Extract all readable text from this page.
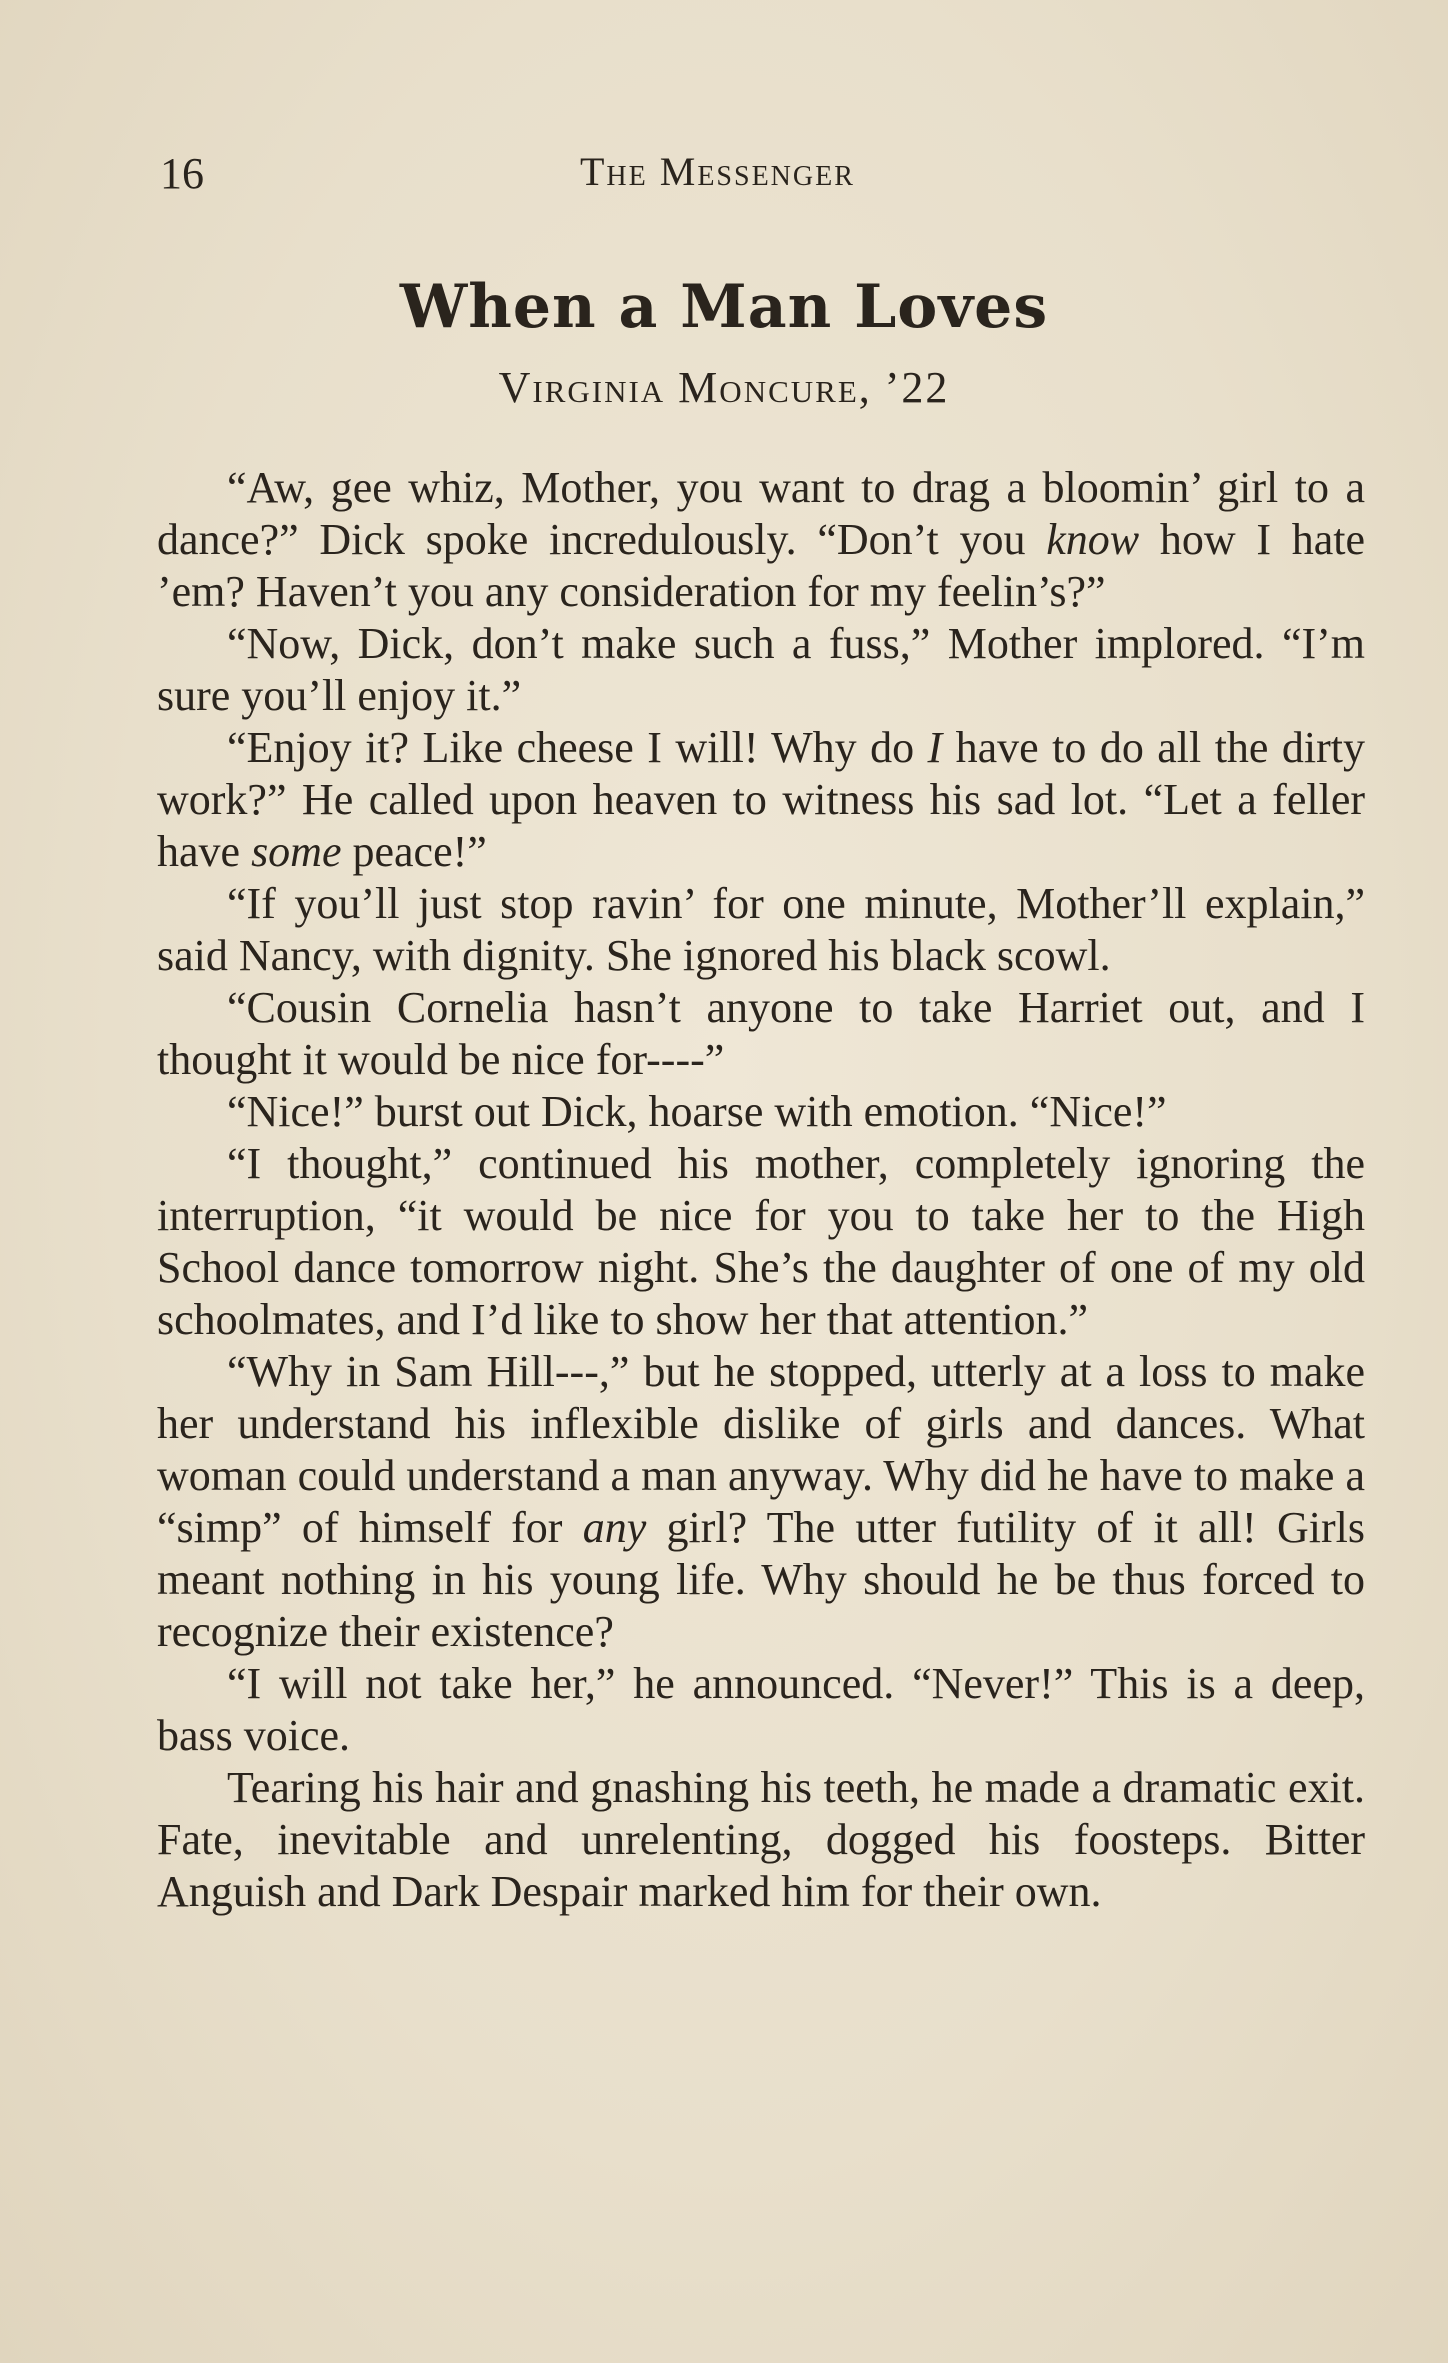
16	The Messenger
When a Man Loves
Virginia Moncure, ’22

“Aw, gee whiz, Mother, you want to drag a bloomin’ girl to a dance?” Dick spoke incredulously. “Don’t you know how I hate ’em? Haven’t you any consideration for my feelin’s?”

“Now, Dick, don’t make such a fuss,” Mother implored. “I’m sure you’ll enjoy it.”

“Enjoy it? Like cheese I will! Why do I have to do all the dirty work?” He called upon heaven to witness his sad lot. “Let a feller have some peace!”

“If you’ll just stop ravin’ for one minute, Mother’ll explain,” said Nancy, with dignity. She ignored his black scowl.

“Cousin Cornelia hasn’t anyone to take Harriet out, and I thought it would be nice for----”

“Nice!” burst out Dick, hoarse with emotion. “Nice!”

“I thought,” continued his mother, completely ignoring the interruption, “it would be nice for you to take her to the High School dance tomorrow night. She’s the daughter of one of my old schoolmates, and I’d like to show her that attention.”

“Why in Sam Hill---,” but he stopped, utterly at a loss to make her understand his inflexible dislike of girls and dances. What woman could understand a man anyway. Why did he have to make a “simp” of himself for any girl? The utter futility of it all! Girls meant nothing in his young life. Why should he be thus forced to recognize their existence?

“I will not take her,” he announced. “Never!” This is a deep, bass voice.

Tearing his hair and gnashing his teeth, he made a dramatic exit. Fate, inevitable and unrelenting, dogged his foosteps. Bitter Anguish and Dark Despair marked him for their own.
